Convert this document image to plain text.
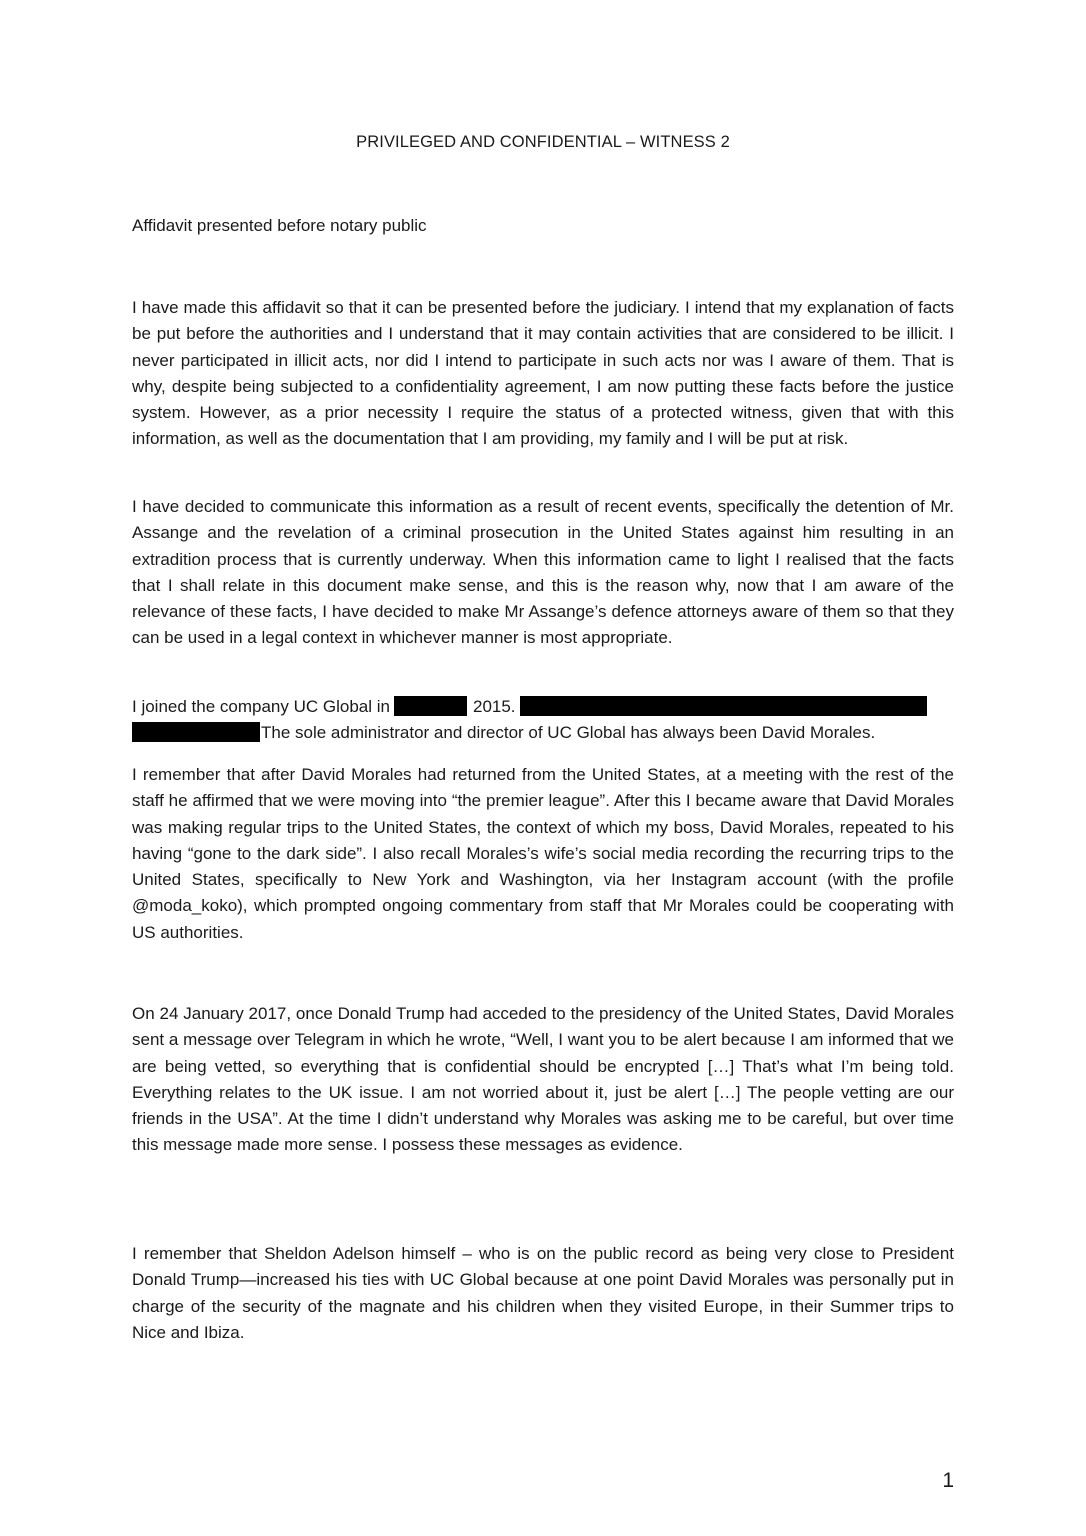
PRIVILEGED AND CONFIDENTIAL – WITNESS 2
Affidavit presented before notary public

I have made this affidavit so that it can be presented before the judiciary. I intend that my explanation of facts be put before the authorities and I understand that it may contain activities that are considered to be illicit. I never participated in illicit acts, nor did I intend to participate in such acts nor was I aware of them. That is why, despite being subjected to a confidentiality agreement, I am now putting these facts before the justice system. However, as a prior necessity I require the status of a protected witness, given that with this information, as well as the documentation that I am providing, my family and I will be put at risk.

I have decided to communicate this information as a result of recent events, specifically the detention of Mr. Assange and the revelation of a criminal prosecution in the United States against him resulting in an extradition process that is currently underway. When this information came to light I realised that the facts that I shall relate in this document make sense, and this is the reason why, now that I am aware of the relevance of these facts, I have decided to make Mr Assange’s defence attorneys aware of them so that they can be used in a legal context in whichever manner is most appropriate.

I joined the company UC Global in	2015.
The sole administrator and director of UC Global has always been David Morales.

I remember that after David Morales had returned from the United States, at a meeting with the rest of the staff he affirmed that we were moving into “the premier league”. After this I became aware that David Morales was making regular trips to the United States, the context of which my boss, David Morales, repeated to his having “gone to the dark side”. I also recall Morales’s wife’s social media recording the recurring trips to the United States, specifically to New York and Washington, via her Instagram account (with the profile @moda_koko), which prompted ongoing commentary from staff that Mr Morales could be cooperating with US authorities.

On 24 January 2017, once Donald Trump had acceded to the presidency of the United States, David Morales sent a message over Telegram in which he wrote, “Well, I want you to be alert because I am informed that we are being vetted, so everything that is confidential should be encrypted […] That’s what I’m being told. Everything relates to the UK issue. I am not worried about it, just be alert […] The people vetting are our friends in the USA”. At the time I didn’t understand why Morales was asking me to be careful, but over time this message made more sense. I possess these messages as evidence.

I remember that Sheldon Adelson himself – who is on the public record as being very close to President Donald Trump—increased his ties with UC Global because at one point David Morales was personally put in charge of the security of the magnate and his children when they visited Europe, in their Summer trips to Nice and Ibiza.

1
